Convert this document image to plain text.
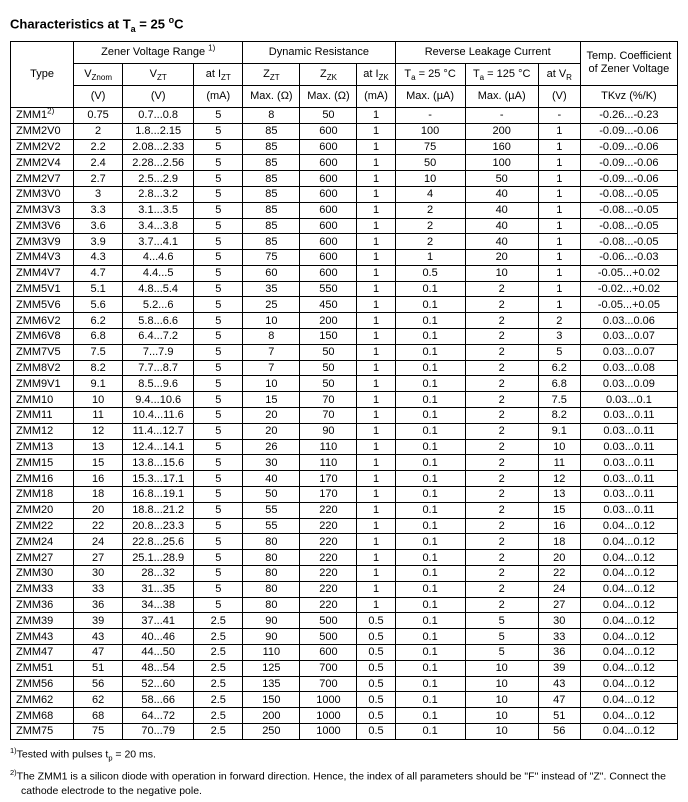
Characteristics at $T_a = 25$ $^o$C
Type	Zener Voltage Range $^{1)}$			Dynamic Resistance			Reverse Leakage Current			Temp. Coefficient
of Zener Voltage

	$V_{Znom}$	$V_{ZT}$	at $I_{ZT}$	$Z_{ZT}$	$Z_{ZK}$	at $I_{ZK}$	$T_a = 25$ °C	$T_a = 125$ °C	at $V_R$
	(V)	(V)	(mA)	Max. (Ω)	Max. (Ω)	(mA)	Max. (µA)	Max. (µA)	(V)	TKvz (%/K)
ZMM1$^{2)}$	0.75	0.7...0.8	5	8	50	1	-	-	-	-0.26...-0.23
ZMM2V0	2	1.8...2.15	5	85	600	1	100	200	1	-0.09...-0.06
ZMM2V2	2.2	2.08...2.33	5	85	600	1	75	160	1	-0.09...-0.06
ZMM2V4	2.4	2.28...2.56	5	85	600	1	50	100	1	-0.09...-0.06
ZMM2V7	2.7	2.5...2.9	5	85	600	1	10	50	1	-0.09...-0.06
ZMM3V0	3	2.8...3.2	5	85	600	1	4	40	1	-0.08...-0.05
ZMM3V3	3.3	3.1...3.5	5	85	600	1	2	40	1	-0.08...-0.05
ZMM3V6	3.6	3.4...3.8	5	85	600	1	2	40	1	-0.08...-0.05
ZMM3V9	3.9	3.7...4.1	5	85	600	1	2	40	1	-0.08...-0.05
ZMM4V3	4.3	4...4.6	5	75	600	1	1	20	1	-0.06...-0.03
ZMM4V7	4.7	4.4...5	5	60	600	1	0.5	10	1	-0.05...+0.02
ZMM5V1	5.1	4.8...5.4	5	35	550	1	0.1	2	1	-0.02...+0.02
ZMM5V6	5.6	5.2...6	5	25	450	1	0.1	2	1	-0.05...+0.05
ZMM6V2	6.2	5.8...6.6	5	10	200	1	0.1	2	2	0.03...0.06
ZMM6V8	6.8	6.4...7.2	5	8	150	1	0.1	2	3	0.03...0.07
ZMM7V5	7.5	7...7.9	5	7	50	1	0.1	2	5	0.03...0.07
ZMM8V2	8.2	7.7...8.7	5	7	50	1	0.1	2	6.2	0.03...0.08
ZMM9V1	9.1	8.5...9.6	5	10	50	1	0.1	2	6.8	0.03...0.09
ZMM10	10	9.4...10.6	5	15	70	1	0.1	2	7.5	0.03...0.1
ZMM11	11	10.4...11.6	5	20	70	1	0.1	2	8.2	0.03...0.11
ZMM12	12	11.4...12.7	5	20	90	1	0.1	2	9.1	0.03...0.11
ZMM13	13	12.4...14.1	5	26	110	1	0.1	2	10	0.03...0.11
ZMM15	15	13.8...15.6	5	30	110	1	0.1	2	11	0.03...0.11
ZMM16	16	15.3...17.1	5	40	170	1	0.1	2	12	0.03...0.11
ZMM18	18	16.8...19.1	5	50	170	1	0.1	2	13	0.03...0.11
ZMM20	20	18.8...21.2	5	55	220	1	0.1	2	15	0.03...0.11
ZMM22	22	20.8...23.3	5	55	220	1	0.1	2	16	0.04...0.12
ZMM24	24	22.8...25.6	5	80	220	1	0.1	2	18	0.04...0.12
ZMM27	27	25.1...28.9	5	80	220	1	0.1	2	20	0.04...0.12
ZMM30	30	28...32	5	80	220	1	0.1	2	22	0.04...0.12
ZMM33	33	31...35	5	80	220	1	0.1	2	24	0.04...0.12
ZMM36	36	34...38	5	80	220	1	0.1	2	27	0.04...0.12
ZMM39	39	37...41	2.5	90	500	0.5	0.1	5	30	0.04...0.12
ZMM43	43	40...46	2.5	90	500	0.5	0.1	5	33	0.04...0.12
ZMM47	47	44...50	2.5	110	600	0.5	0.1	5	36	0.04...0.12
ZMM51	51	48...54	2.5	125	700	0.5	0.1	10	39	0.04...0.12
ZMM56	56	52...60	2.5	135	700	0.5	0.1	10	43	0.04...0.12
ZMM62	62	58...66	2.5	150	1000	0.5	0.1	10	47	0.04...0.12
ZMM68	68	64...72	2.5	200	1000	0.5	0.1	10	51	0.04...0.12
ZMM75	75	70...79	2.5	250	1000	0.5	0.1	10	56	0.04...0.12
$^{1)}$Tested with pulses $t_p = 20$ ms.
$^{2)}$The ZMM1 is a silicon diode with operation in forward direction. Hence, the index of all parameters should be "F" instead of "Z". Connect the cathode electrode to the negative pole.
